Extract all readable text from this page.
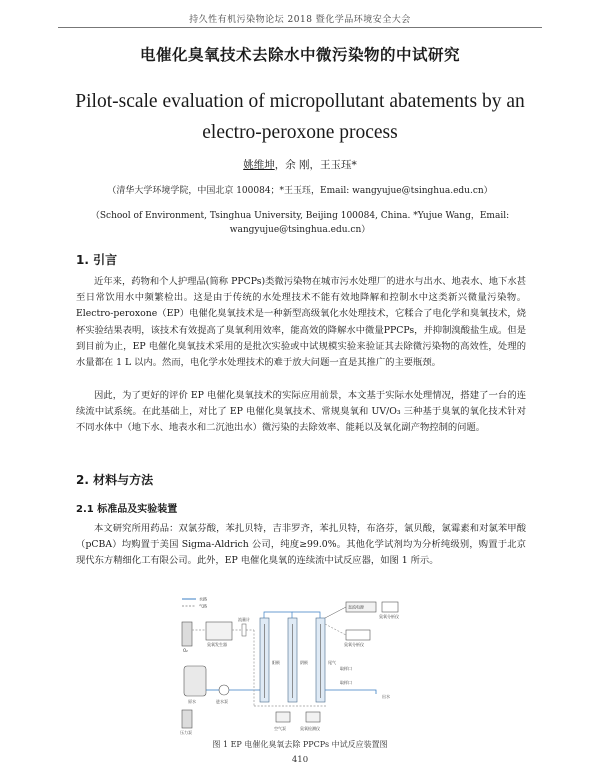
持久性有机污染物论坛 2018 暨化学品环境安全大会
电催化臭氧技术去除水中微污染物的中试研究
Pilot-scale evaluation of micropollutant abatements by an
electro-peroxone process
姚维坤，余 刚，王玉珏*
（清华大学环境学院，中国北京 100084；*王玉珏，Email: wangyujue@tsinghua.edu.cn）
（School of Environment, Tsinghua University, Beijing 100084, China. *Yujue Wang，Email:
wangyujue@tsinghua.edu.cn）
1. 引言
近年来，药物和个人护理品(简称 PPCPs)类微污染物在城市污水处理厂的进水与出水、地表水、地下水甚至日常饮用水中频繁检出。这是由于传统的水处理技术不能有效地降解和控制水中这类新兴微量污染物。Electro-peroxone（EP）电催化臭氧技术是一种新型高级氧化水处理技术，它糅合了电化学和臭氧技术，烧杯实验结果表明，该技术有效提高了臭氧利用效率，能高效的降解水中微量PPCPs，并抑制溴酸盐生成。但是到目前为止，EP 电催化臭氧技术采用的是批次实验或中试规模实验来验证其去除微污染物的高效性，处理的水量都在 1 L 以内。然而，电化学水处理技术的难于放大问题一直是其推广的主要瓶颈。
因此，为了更好的评价 EP 电催化臭氧技术的实际应用前景，本文基于实际水处理情况，搭建了一台的连续流中试系统。在此基础上，对比了 EP 电催化臭氧技术、常规臭氧和 UV/O₃ 三种基于臭氧的氧化技术针对不同水体中（地下水、地表水和二沉池出水）微污染的去除效率、能耗以及氧化副产物控制的问题。
2. 材料与方法
2.1 标准品及实验装置
本文研究所用药品：双氯芬酸，苯扎贝特，吉非罗齐，苯扎贝特，布洛芬，氯贝酸，氯霉素和对氯苯甲酸（pCBA）均购置于美国 Sigma-Aldrich 公司，纯度≥99.0%。其他化学试剂均为分析纯级别，购置于北京现代东方精细化工有限公司。此外，EP 电催化臭氧的连续流中试反应器，如图 1 所示。
水路
气路
O₂
臭氧发生器
流量计
原水	进水泵
阳极	阴极	尾气
直流电源
臭氧分析仪
臭氧分析仪
取样口
取样口
出水
空气泵	臭氧检测仪
压力泵
图 1 EP 电催化臭氧去除 PPCPs 中试反应装置图
410
